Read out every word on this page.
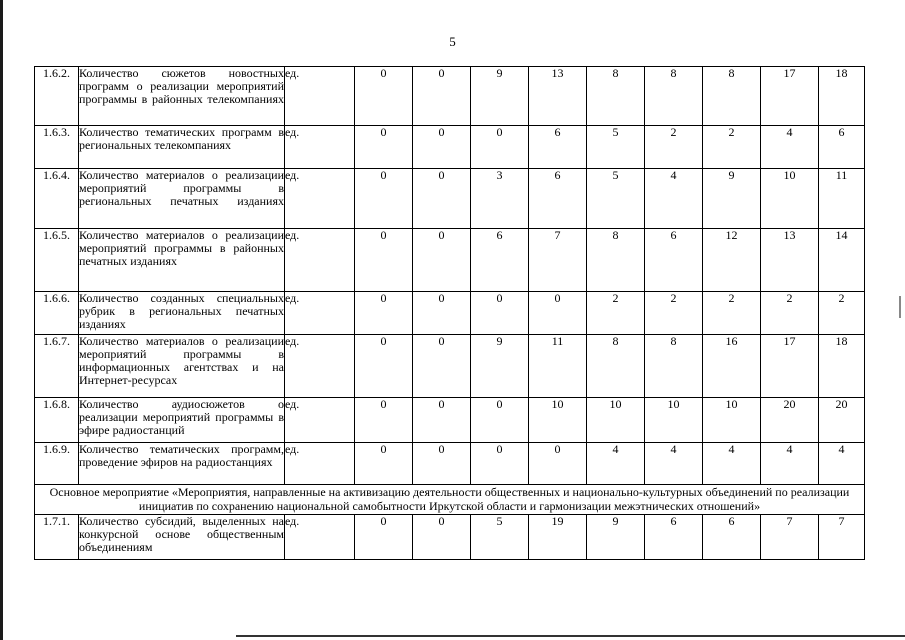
5
1.6.2.	Количество сюжетов новостных программ о реализации мероприятий программы в районных телекомпаниях	ед.	0	0	9	13	8	8	8	17	18
1.6.3.	Количество тематических программ в региональных телекомпаниях	ед.	0	0	0	6	5	2	2	4	6
1.6.4.	Количество материалов о реализации мероприятий программы в региональных печатных изданиях	ед.	0	0	3	6	5	4	9	10	11
1.6.5.	Количество материалов о реализации мероприятий программы в районных печатных изданиях	ед.	0	0	6	7	8	6	12	13	14
1.6.6.	Количество созданных специальных рубрик в региональных печатных изданиях	ед.	0	0	0	0	2	2	2	2	2
1.6.7.	Количество материалов о реализации мероприятий программы в информационных агентствах и на Интернет-ресурсах	ед.	0	0	9	11	8	8	16	17	18
1.6.8.	Количество аудиосюжетов о реализации мероприятий программы в эфире радиостанций	ед.	0	0	0	10	10	10	10	20	20
1.6.9.	Количество тематических программ, проведение эфиров на радиостанциях	ед.	0	0	0	0	4	4	4	4	4
Основное мероприятие «Мероприятия, направленные на активизацию деятельности общественных и национально-культурных объединений по реализации инициатив по сохранению национальной самобытности Иркутской области и гармонизации межэтнических отношений»											
1.7.1.	Количество субсидий, выделенных на конкурсной основе общественным объединениям	ед.	0	0	5	19	9	6	6	7	7
